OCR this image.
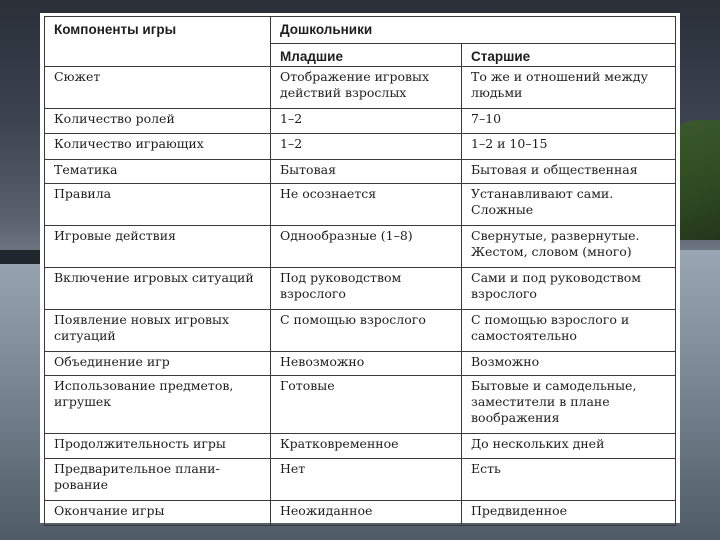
Компоненты игры	Дошкольники	
	Младшие	Старшие
Сюжет	Отображение игровых действий взрослых	То же и отношений между людьми
Количество ролей	1–2	7–10
Количество играющих	1–2	1–2 и 10–15
Тематика	Бытовая	Бытовая и общественная
Правила	Не осознается	Устанавливают сами. Сложные
Игровые действия	Однообразные (1–8)	Свернутые, развернутые. Жестом, словом (много)
Включение игровых ситуаций	Под руководством взрослого	Сами и под руководством взрослого
Появление новых игровых ситуаций	С помощью взрослого	С помощью взрослого и самостоятельно
Объединение игр	Невозможно	Возможно
Использование предметов, игрушек	Готовые	Бытовые и самодельные, заместители в плане воображения
Продолжительность игры	Кратковременное	До нескольких дней
Предварительное плани-рование	Нет	Есть
Окончание игры	Неожиданное	Предвиденное
